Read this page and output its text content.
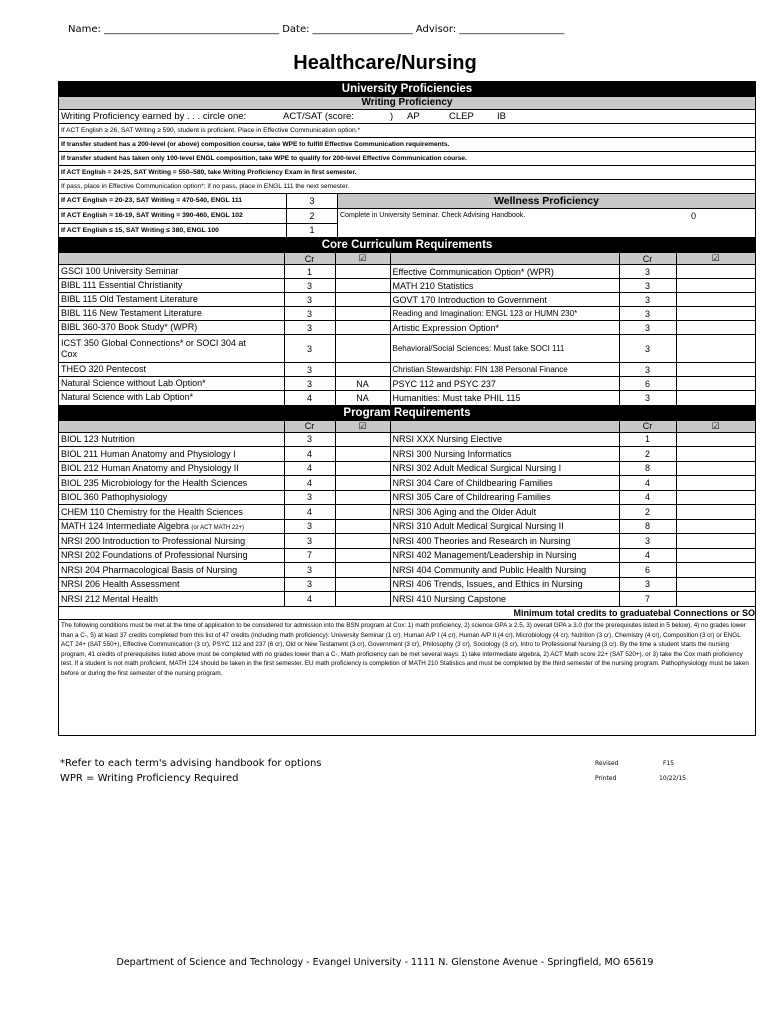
Name: ___________________________________ Date: ____________________ Advisor: _____________________
Healthcare/Nursing
University Proficiencies
Writing Proficiency
Writing Proficiency earned by . . . circle one:	ACT/SAT (score:	)	AP	CLEP	IB
If ACT English ≥ 26, SAT Writing ≥ 590, student is proficient. Place in Effective Communication option.*
If transfer student has a 200-level (or above) composition course, take WPE to fulfill Effective Communication requirements.
If transfer student has taken only 100-level ENGL composition, take WPE to qualify for 200-level Effective Communication course.
If ACT English = 24-25, SAT Writing = 550–580, take Writing Proficiency Exam in first semester.
If pass, place in Effective Communication option*; if no pass, place in ENGL 111 the next semester.
If ACT English = 20-23, SAT Writing = 470-540, ENGL 111	3
If ACT English = 16-19, SAT Writing = 390-460, ENGL 102	2
If ACT English ≤ 15, SAT Writing ≤ 380, ENGL 100	1
Wellness Proficiency
Complete in University Seminar. Check Advising Handbook.	0
Core Curriculum Requirements
	Cr	☑		Cr	☑
GSCI 100 University Seminar	1		Effective Communication Option* (WPR)	3	
BIBL 111 Essential Christianity	3		MATH 210 Statistics	3	
BIBL 115 Old Testament Literature	3		GOVT 170 Introduction to Government	3	
BIBL 116 New Testament Literature	3		Reading and Imagination: ENGL 123 or HUMN 230*	3	
BIBL 360-370 Book Study* (WPR)	3		Artistic Expression Option*	3	
ICST 350 Global Connections* or SOCI 304 at
Cox	3		Behavioral/Social Sciences: Must take SOCI 111	3	
THEO 320 Pentecost	3		Christian Stewardship: FIN 138 Personal Finance	3	
Natural Science without Lab Option*	3	NA	PSYC 112 and PSYC 237	6	
Natural Science with Lab Option*	4	NA	Humanities: Must take PHIL 115	3	
Program Requirements
	Cr	☑		Cr	☑
BIOL 123 Nutrition	3		NRSI XXX Nursing Elective	1	
BIOL 211 Human Anatomy and Physiology I	4		NRSI 300 Nursing Informatics	2	
BIOL 212 Human Anatomy and Physiology II	4		NRSI 302 Adult Medical Surgical Nursing I	8	
BIOL 235 Microbiology for the Health Sciences	4		NRSI 304 Care of Childbearing Families	4	
BIOL 360 Pathophysiology	3		NRSI 305 Care of Childrearing Families	4	
CHEM 110 Chemistry for the Health Sciences	4		NRSI 306 Aging and the Older Adult	2	
MATH 124 Intermediate Algebra (or ACT MATH 22+)	3		NRSI 310 Adult Medical Surgical Nursing II	8	
NRSI 200 Introduction to Professional Nursing	3		NRSI 400 Theories and Research in Nursing	3	
NRSI 202 Foundations of Professional Nursing	7		NRSI 402 Management/Leadership in Nursing	4	
NRSI 204 Pharmacological Basis of Nursing	3		NRSI 404 Community and Public Health Nursing	6	
NRSI 206 Health Assessment	3		NRSI 406 Trends, Issues, and Ethics in Nursing	3	
NRSI 212 Mental Health	4		NRSI 410 Nursing Capstone	7	
Minimum total credits to graduatebal Connections or SO
The following conditions must be met at the time of application to be considered for admission into the BSN program at Cox: 1) math proficiency, 2) science GPA ≥ 2.5, 3) overall GPA ≥ 3.0 (for the prerequisites listed in 5 below), 4) no grades lower than a C-, 5) at least 37 credits completed from this list of 47 credits (including math proficiency): University Seminar (1 cr), Human A/P I (4 cr), Human A/P II (4 cr), Microbiology (4 cr), Nutrition (3 cr), Chemistry (4 cr), Composition (3 cr) or ENGL ACT 24+ (SAT 550+), Effective Communication (3 cr), PSYC 112 and 237 (6 cr), Old or New Testament (3 cr), Government (3 cr), Philosophy (3 cr), Sociology (3 cr), Intro to Professional Nursing (3 cr). By the time a student starts the nursing program, 41 credits of prerequisites listed above must be completed with no grades lower than a C-. Math proficiency can be met several ways: 1) take intermediate algebra, 2) ACT Math score 22+ (SAT 520+), or 3) take the Cox math proficiency test. If a student is not math proficient, MATH 124 should be taken in the first semester. EU math proficiency is completion of MATH 210 Statistics and must be completed by the third semester of the nursing program. Pathophysiology must be taken before or during the first semester of the nursing program.
*Refer to each term's advising handbook for options
WPR = Writing Proficiency Required
Revised	F15
Printed	10/22/15
Department of Science and Technology - Evangel University - 1111 N. Glenstone Avenue - Springfield, MO 65619
